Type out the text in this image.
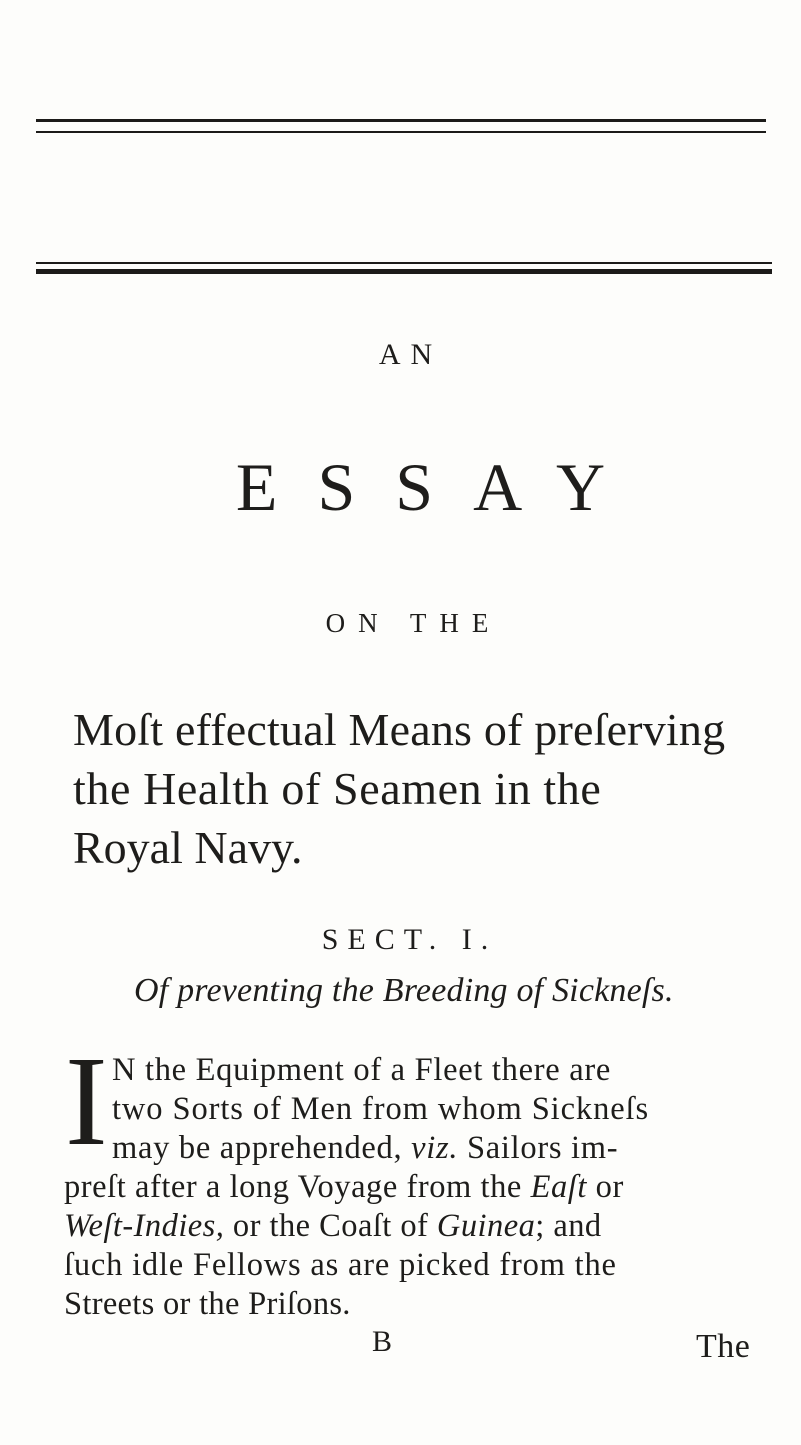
AN
ESSAY
ON THE
Moſt effectual Means of preſerving
the Health of Seamen in the
Royal Navy.
SECT. I.
Of preventing the Breeding of Sickneſs.
I N the Equipment of a Fleet there are
two Sorts of Men from whom Sickneſs
may be apprehended, viz. Sailors im-
preſt after a long Voyage from the Eaſt or
Weſt-Indies, or the Coaſt of Guinea; and
ſuch idle Fellows as are picked from the
Streets or the Priſons.
B	The
